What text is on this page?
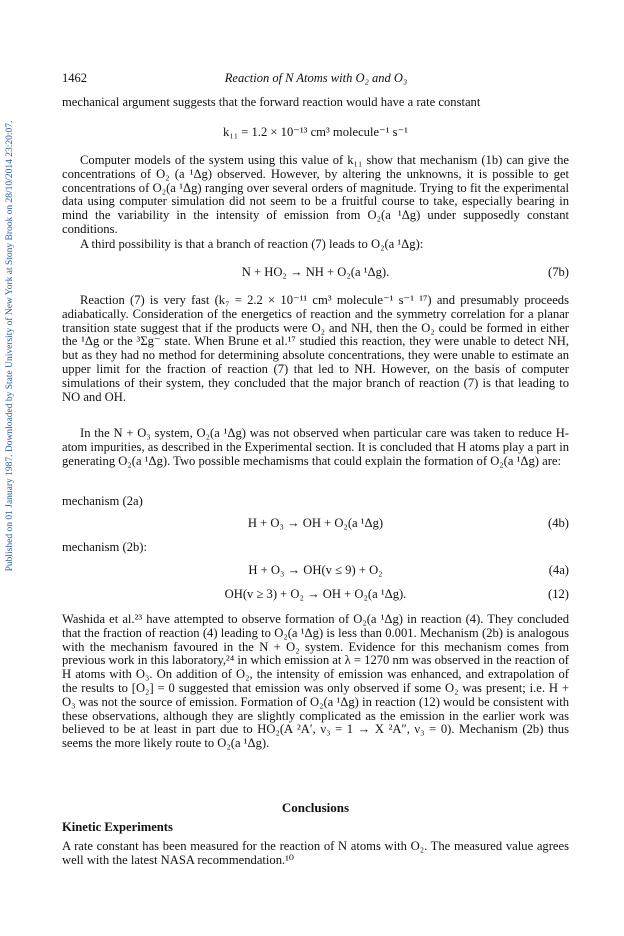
Published on 01 January 1987. Downloaded by State University of New York at Stony Brook on 28/10/2014 23:20:07.
1462	Reaction of N Atoms with O₂ and O₃

mechanical argument suggests that the forward reaction would have a rate constant

k₁₁ = 1.2 × 10⁻¹³ cm³ molecule⁻¹ s⁻¹

Computer models of the system using this value of k₁₁ show that mechanism (1b) can give the concentrations of O₂ (a ¹Δg) observed. However, by altering the unknowns, it is possible to get concentrations of O₂(a ¹Δg) ranging over several orders of magnitude. Trying to fit the experimental data using computer simulation did not seem to be a fruitful course to take, especially bearing in mind the variability in the intensity of emission from O₂(a ¹Δg) under supposedly constant conditions.

A third possibility is that a branch of reaction (7) leads to O₂(a ¹Δg):

N + HO₂ → NH + O₂(a ¹Δg).	(7b)

Reaction (7) is very fast (k₇ = 2.2 × 10⁻¹¹ cm³ molecule⁻¹ s⁻¹ ¹⁷) and presumably proceeds adiabatically. Consideration of the energetics of reaction and the symmetry correlation for a planar transition state suggest that if the products were O₂ and NH, then the O₂ could be formed in either the ¹Δg or the ³Σg⁻ state. When Brune et al.¹⁷ studied this reaction, they were unable to detect NH, but as they had no method for determining absolute concentrations, they were unable to estimate an upper limit for the fraction of reaction (7) that led to NH. However, on the basis of computer simulations of their system, they concluded that the major branch of reaction (7) is that leading to NO and OH.

In the N + O₃ system, O₂(a ¹Δg) was not observed when particular care was taken to reduce H-atom impurities, as described in the Experimental section. It is concluded that H atoms play a part in generating O₂(a ¹Δg). Two possible mechamisms that could explain the formation of O₂(a ¹Δg) are:

mechanism (2a)
H + O₃ → OH + O₂(a ¹Δg)	(4b)
mechanism (2b):
H + O₃ → OH(v ≤ 9) + O₂	(4a)
OH(v ≥ 3) + O₂ → OH + O₂(a ¹Δg).	(12)

Washida et al.²³ have attempted to observe formation of O₂(a ¹Δg) in reaction (4). They concluded that the fraction of reaction (4) leading to O₂(a ¹Δg) is less than 0.001. Mechanism (2b) is analogous with the mechanism favoured in the N + O₂ system. Evidence for this mechanism comes from previous work in this laboratory,²⁴ in which emission at λ = 1270 nm was observed in the reaction of H atoms with O₃. On addition of O₂, the intensity of emission was enhanced, and extrapolation of the results to [O₂] = 0 suggested that emission was only observed if some O₂ was present; i.e. H + O₃ was not the source of emission. Formation of O₂(a ¹Δg) in reaction (12) would be consistent with these observations, although they are slightly complicated as the emission in the earlier work was believed to be at least in part due to HO₂(A ²A′, ν₃ = 1 → X ²A″, ν₃ = 0). Mechanism (2b) thus seems the more likely route to O₂(a ¹Δg).

Conclusions
Kinetic Experiments

A rate constant has been measured for the reaction of N atoms with O₂. The measured value agrees well with the latest NASA recommendation.¹⁰
